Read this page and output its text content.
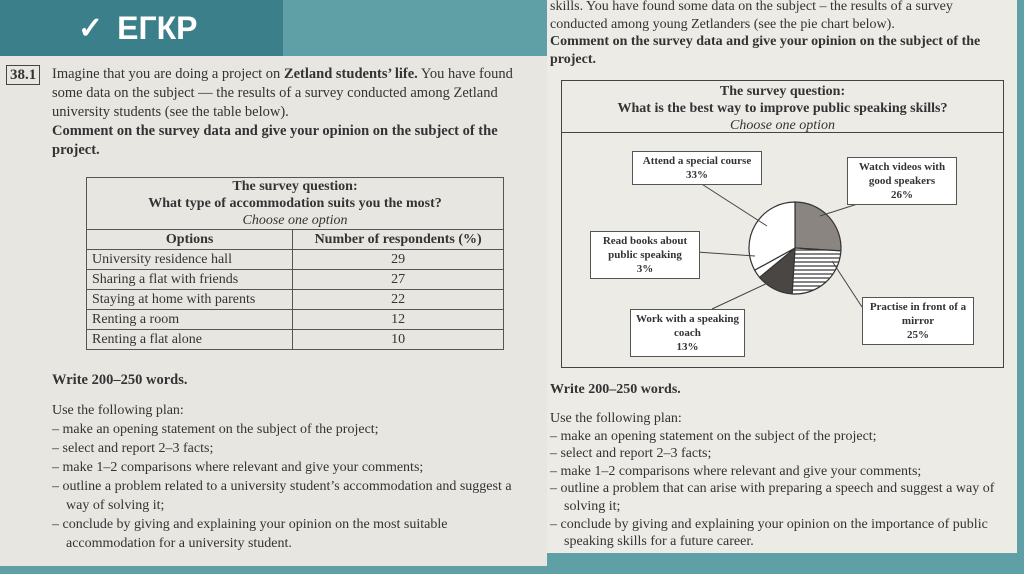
✓ ЕГКР
38.1 Imagine that you are doing a project on Zetland students’ life. You have found some data on the subject — the results of a survey conducted among Zetland university students (see the table below).
Comment on the survey data and give your opinion on the subject of the project.
The survey question:
What type of accommodation suits you the most?
Choose one option	
Options	Number of respondents (%)
University residence hall	29
Sharing a flat with friends	27
Staying at home with parents	22
Renting a room	12
Renting a flat alone	10
Write 200–250 words.
Use the following plan:
– make an opening statement on the subject of the project;
– select and report 2–3 facts;
– make 1–2 comparisons where relevant and give your comments;
– outline a problem related to a university student’s accommodation and suggest a way of solving it;
– conclude by giving and explaining your opinion on the most suitable accommodation for a university student.
skills. You have found some data on the subject – the results of a survey conducted among young Zetlanders (see the pie chart below).
Comment on the survey data and give your opinion on the subject of the project.
The survey question:
What is the best way to improve public speaking skills?
Choose one option
Attend a special course
33%
Watch videos with good speakers
26%
Practise in front of a mirror
25%
Work with a speaking coach
13%
Read books about public speaking
3%
Write 200–250 words.
Use the following plan:
– make an opening statement on the subject of the project;
– select and report 2–3 facts;
– make 1–2 comparisons where relevant and give your comments;
– outline a problem that can arise with preparing a speech and suggest a way of solving it;
– conclude by giving and explaining your opinion on the importance of public speaking skills for a future career.
